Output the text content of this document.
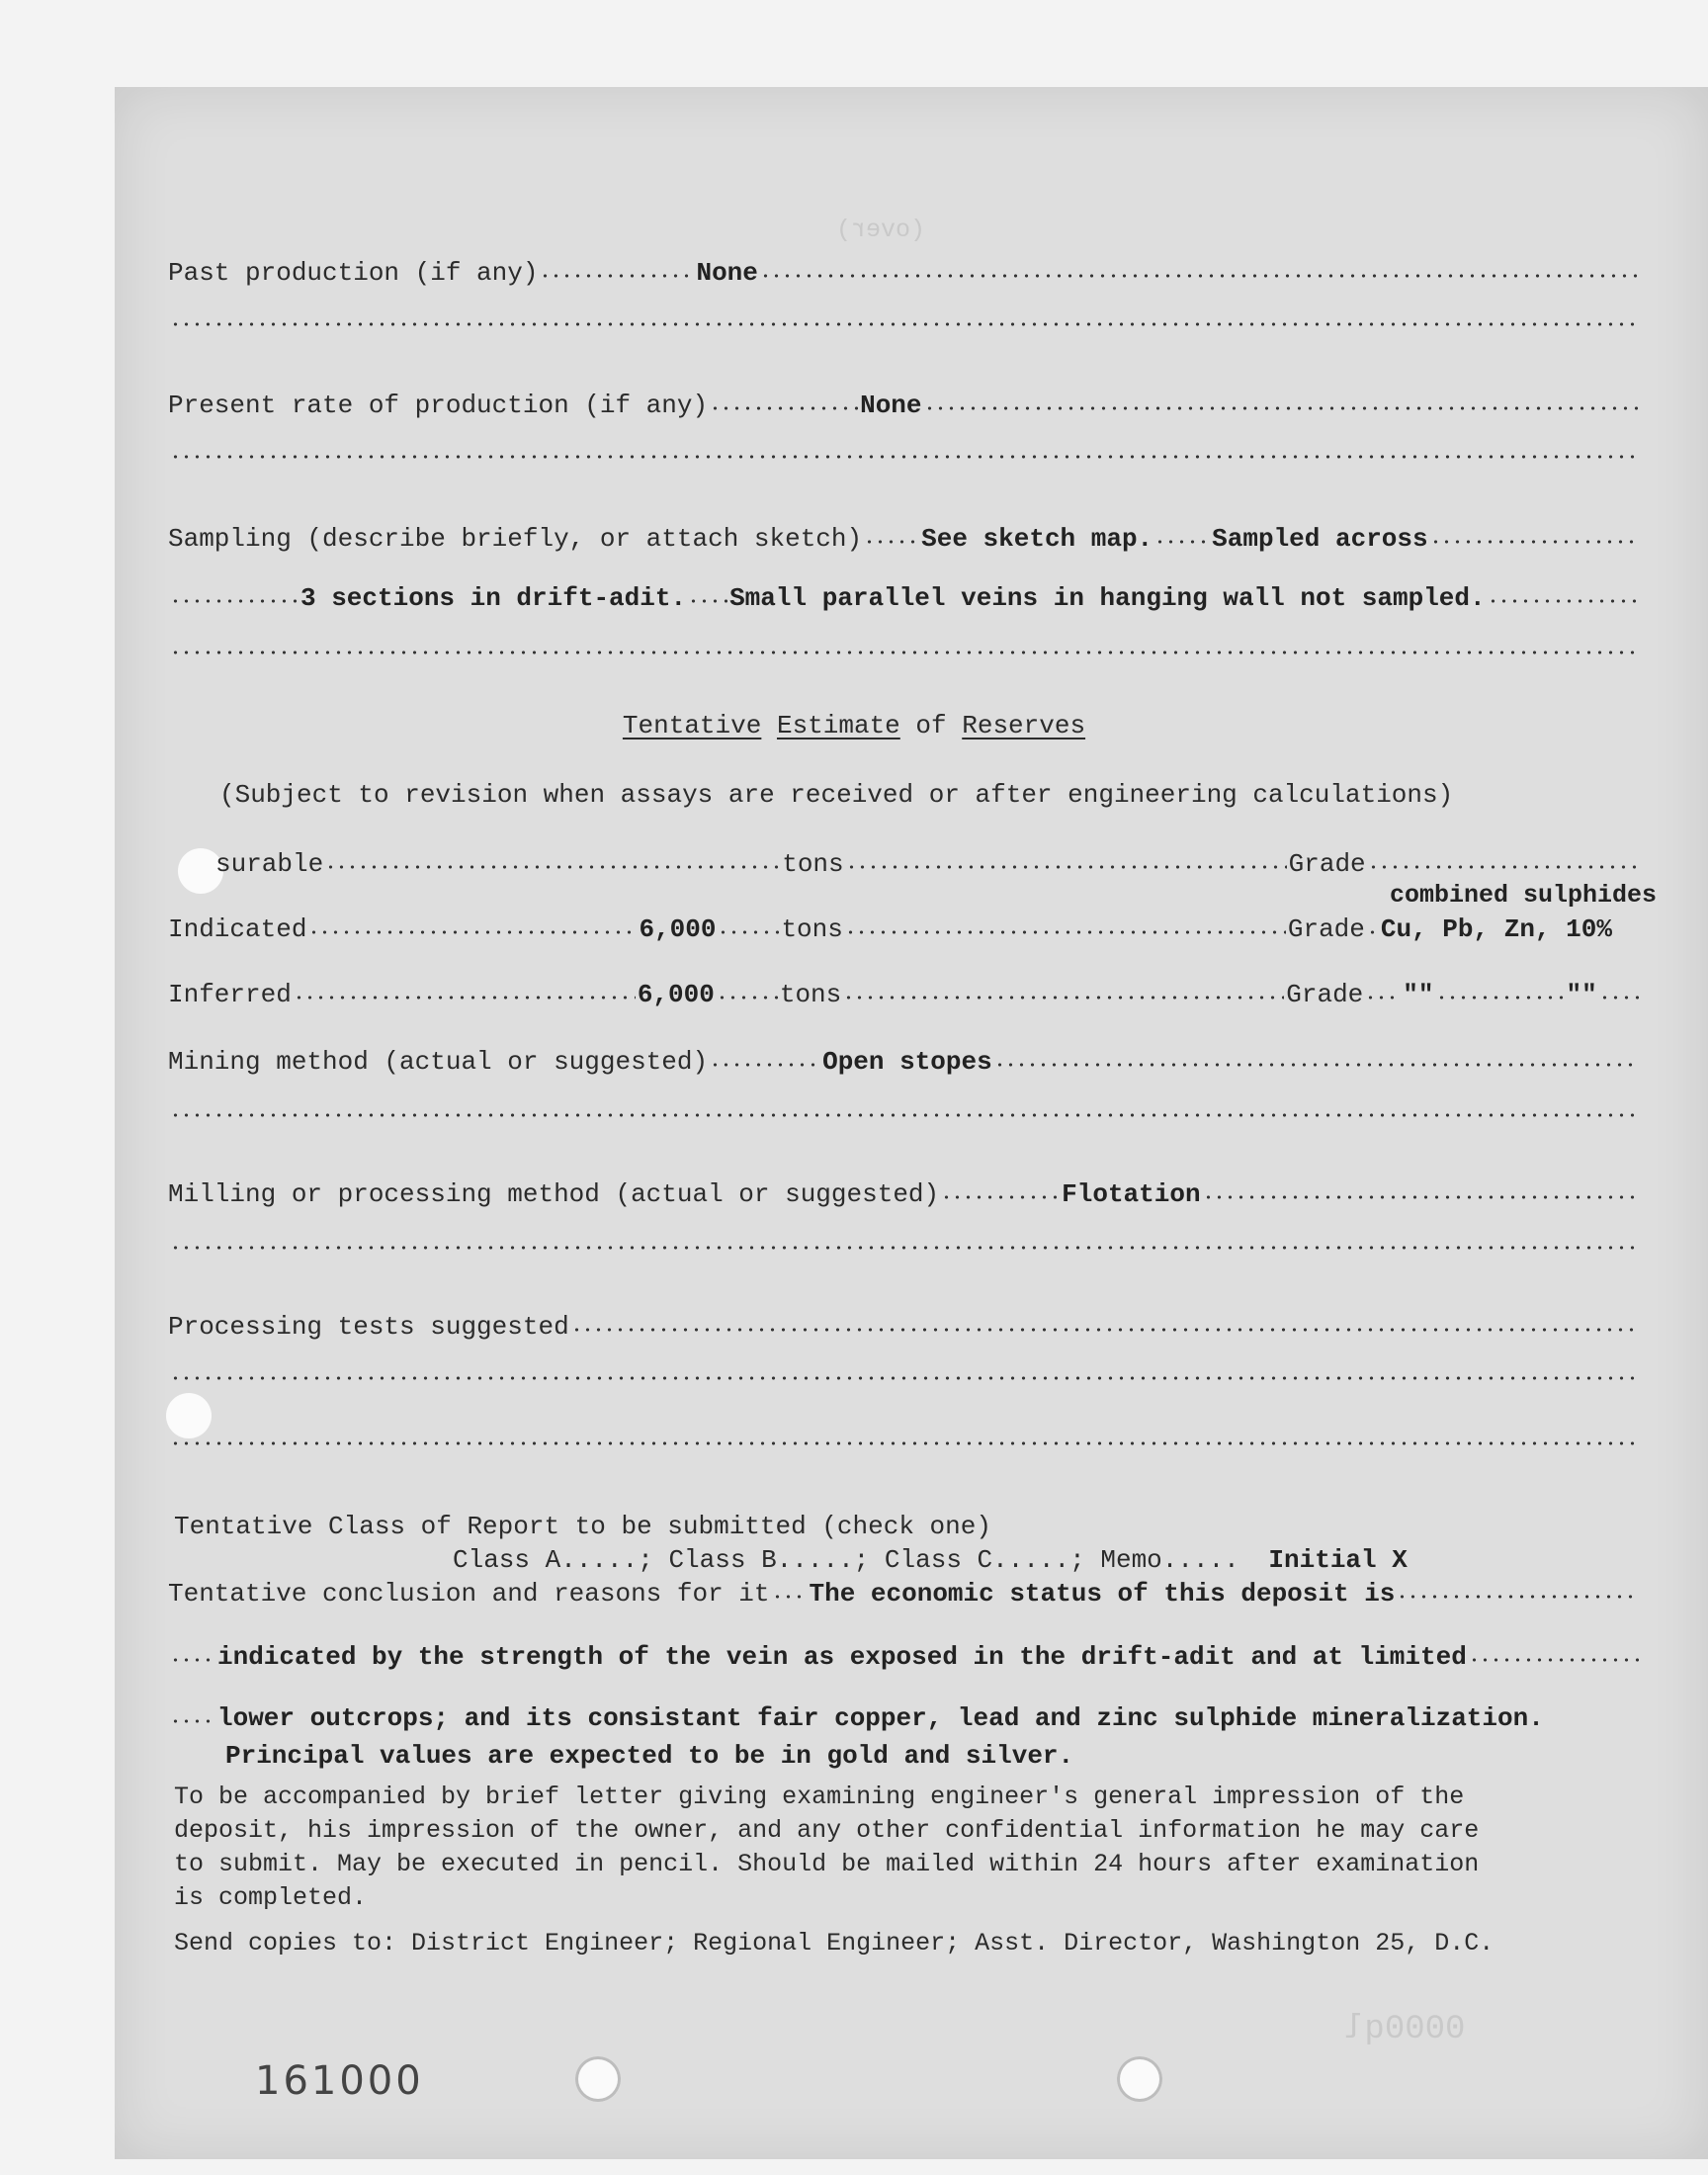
(over)
0000ql
Past production (if any)	None
Present rate of production (if any)	None
Sampling (describe briefly, or attach sketch) See sketch map. Sampled across
3 sections in drift-adit. Small parallel veins in hanging wall not sampled.
Tentative Estimate of Reserves
(Subject to revision when assays are received or after engineering calculations)
surable	tons	Grade
combined sulphides
Indicated	6,000	tons	Grade Cu, Pb, Zn, 10%
Inferred	6,000	tons	Grade ""	""
Mining method (actual or suggested)	Open stopes
Milling or processing method (actual or suggested)	Flotation
Processing tests suggested
Tentative Class of Report to be submitted (check one)
Class A.....; Class B.....; Class C.....; Memo..... Initial X
Tentative conclusion and reasons for it The economic status of this deposit is
indicated by the strength of the vein as exposed in the drift-adit and at limited
lower outcrops; and its consistant fair copper, lead and zinc sulphide mineralization.
Principal values are expected to be in gold and silver.
To be accompanied by brief letter giving examining engineer's general impression of the
deposit, his impression of the owner, and any other confidential information he may care
to submit. May be executed in pencil. Should be mailed within 24 hours after examination
is completed.
Send copies to: District Engineer; Regional Engineer; Asst. Director, Washington 25, D.C.
161000
